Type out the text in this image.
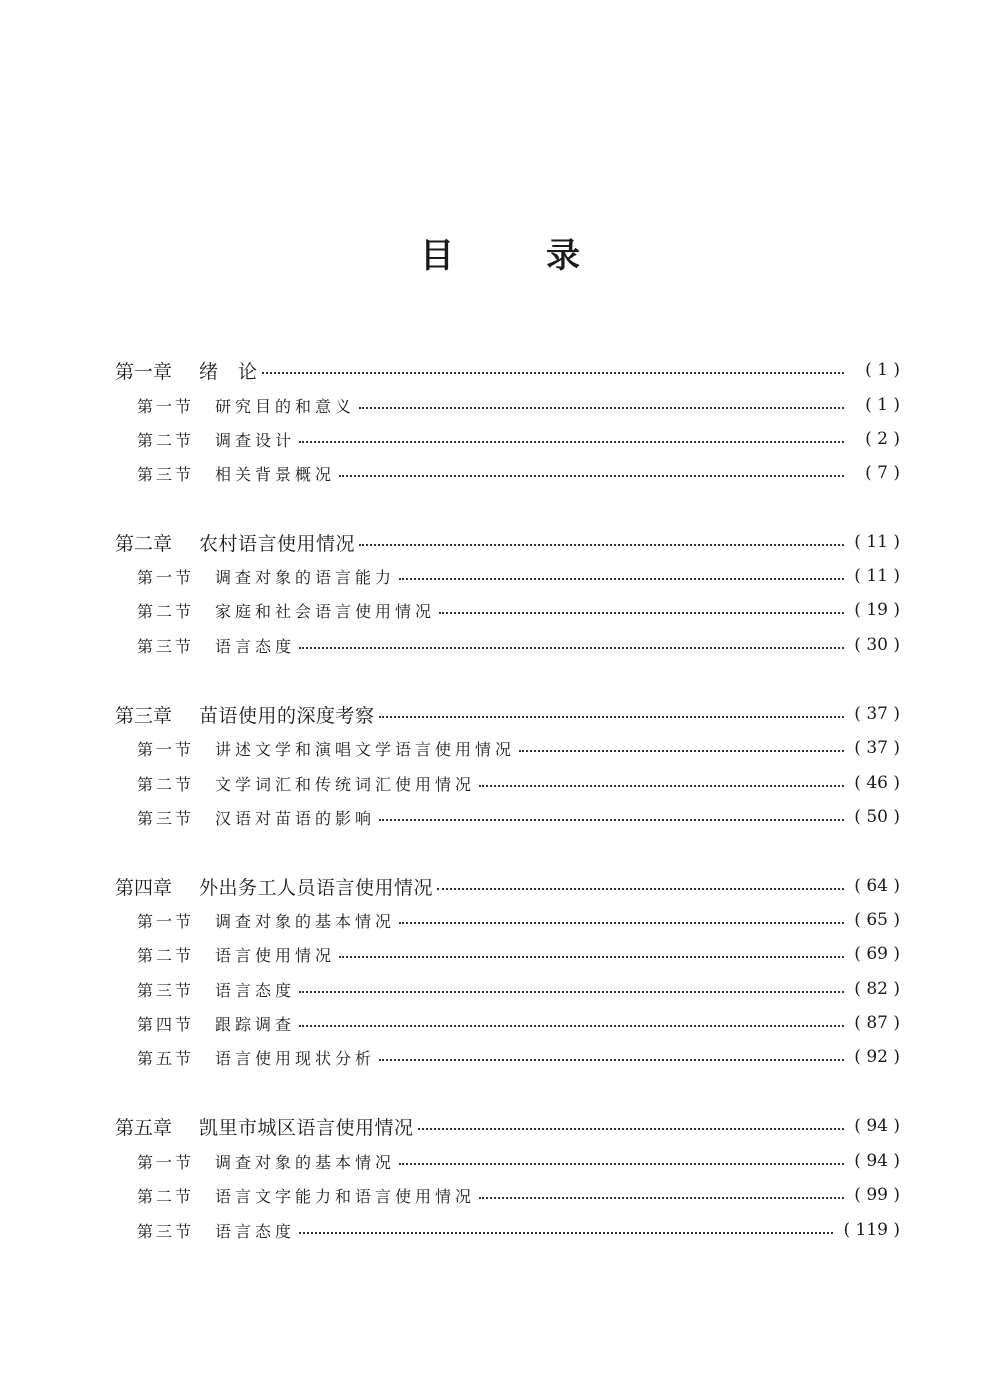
目	录
第一章	绪　论	( 1 )
第一节	研究目的和意义	( 1 )
第二节	调查设计	( 2 )
第三节	相关背景概况	( 7 )
第二章	农村语言使用情况	( 11 )
第一节	调查对象的语言能力	( 11 )
第二节	家庭和社会语言使用情况	( 19 )
第三节	语言态度	( 30 )
第三章	苗语使用的深度考察	( 37 )
第一节	讲述文学和演唱文学语言使用情况	( 37 )
第二节	文学词汇和传统词汇使用情况	( 46 )
第三节	汉语对苗语的影响	( 50 )
第四章	外出务工人员语言使用情况	( 64 )
第一节	调查对象的基本情况	( 65 )
第二节	语言使用情况	( 69 )
第三节	语言态度	( 82 )
第四节	跟踪调查	( 87 )
第五节	语言使用现状分析	( 92 )
第五章	凯里市城区语言使用情况	( 94 )
第一节	调查对象的基本情况	( 94 )
第二节	语言文字能力和语言使用情况	( 99 )
第三节	语言态度	( 119 )
